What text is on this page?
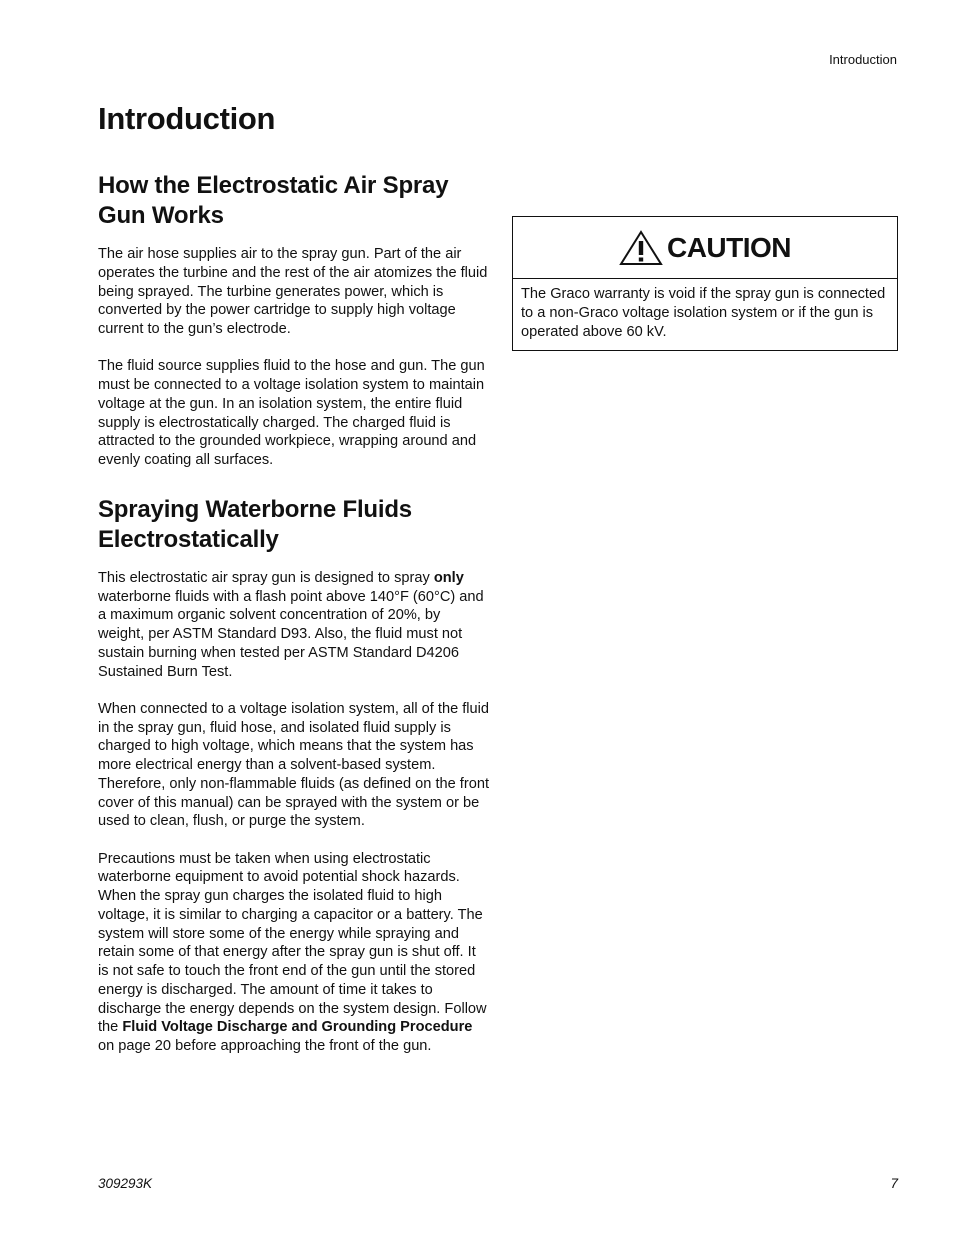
Introduction
Introduction
How the Electrostatic Air Spray Gun Works

The air hose supplies air to the spray gun. Part of the air operates the turbine and the rest of the air atomizes the fluid being sprayed. The turbine generates power, which is converted by the power cartridge to supply high voltage current to the gun’s electrode.

The fluid source supplies fluid to the hose and gun. The gun must be connected to a voltage isolation system to maintain voltage at the gun. In an isolation system, the entire fluid supply is electrostatically charged. The charged fluid is attracted to the grounded workpiece, wrapping around and evenly coating all surfaces.

Spraying Waterborne Fluids Electrostatically

This electrostatic air spray gun is designed to spray only waterborne fluids with a flash point above 140°F (60°C) and a maximum organic solvent concentration of 20%, by weight, per ASTM Standard D93. Also, the fluid must not sustain burning when tested per ASTM Standard D4206 Sustained Burn Test.

When connected to a voltage isolation system, all of the fluid in the spray gun, fluid hose, and isolated fluid supply is charged to high voltage, which means that the system has more electrical energy than a solvent-based system. Therefore, only non-flammable fluids (as defined on the front cover of this manual) can be sprayed with the system or be used to clean, flush, or purge the system.

Precautions must be taken when using electrostatic waterborne equipment to avoid potential shock hazards. When the spray gun charges the isolated fluid to high voltage, it is similar to charging a capacitor or a battery. The system will store some of the energy while spraying and retain some of that energy after the spray gun is shut off. It is not safe to touch the front end of the gun until the stored energy is discharged. The amount of time it takes to discharge the energy depends on the system design. Follow the Fluid Voltage Discharge and Grounding Procedure on page 20 before approaching the front of the gun.

CAUTION
The Graco warranty is void if the spray gun is connected to a non-Graco voltage isolation system or if the gun is operated above 60 kV.
309293K	7
